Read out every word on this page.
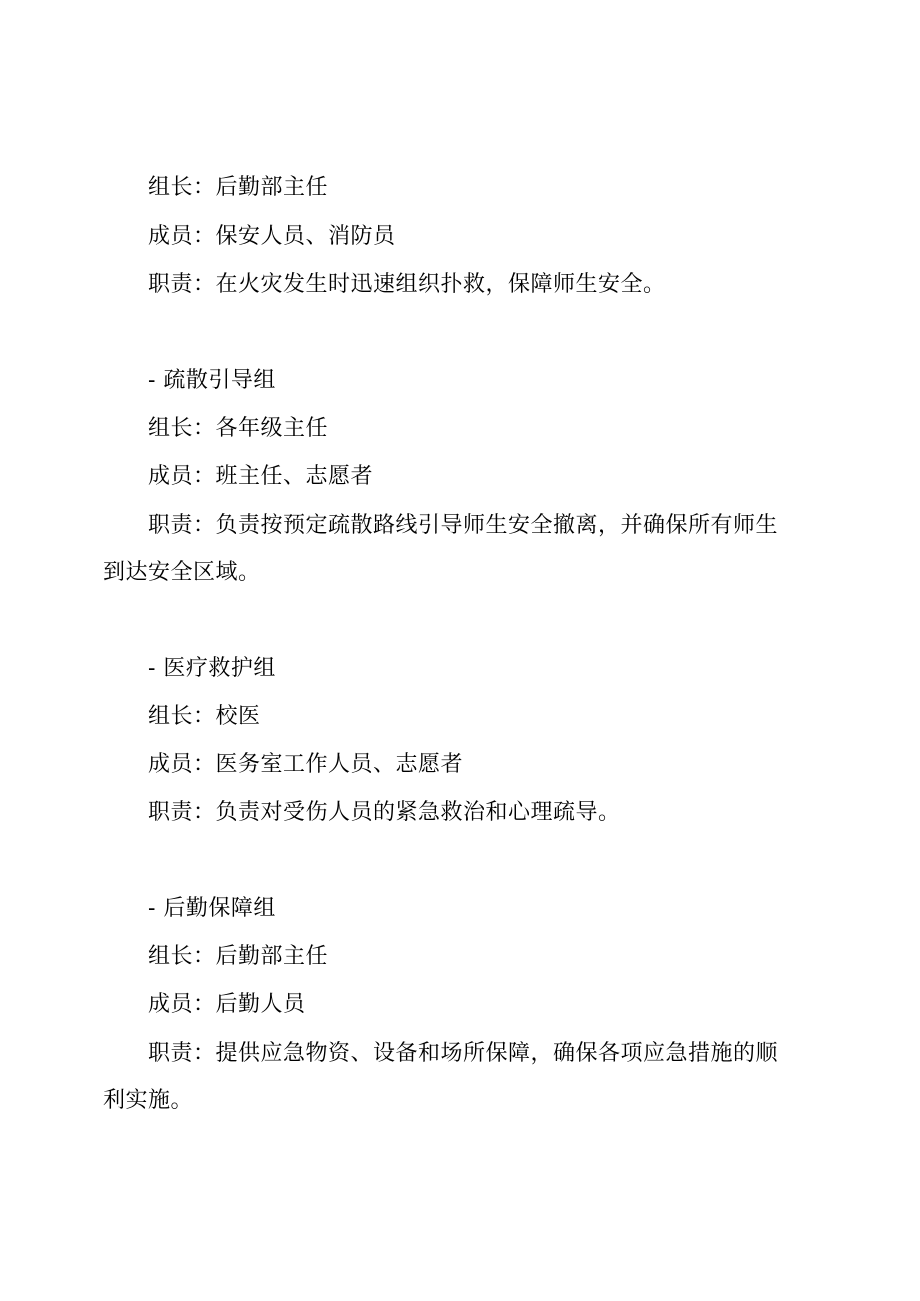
组长：后勤部主任
成员：保安人员、消防员
职责：在火灾发生时迅速组织扑救，保障师生安全。
- 疏散引导组
组长：各年级主任
成员：班主任、志愿者
职责：负责按预定疏散路线引导师生安全撤离，并确保所有师生
到达安全区域。
- 医疗救护组
组长：校医
成员：医务室工作人员、志愿者
职责：负责对受伤人员的紧急救治和心理疏导。
- 后勤保障组
组长：后勤部主任
成员：后勤人员
职责：提供应急物资、设备和场所保障，确保各项应急措施的顺
利实施。
